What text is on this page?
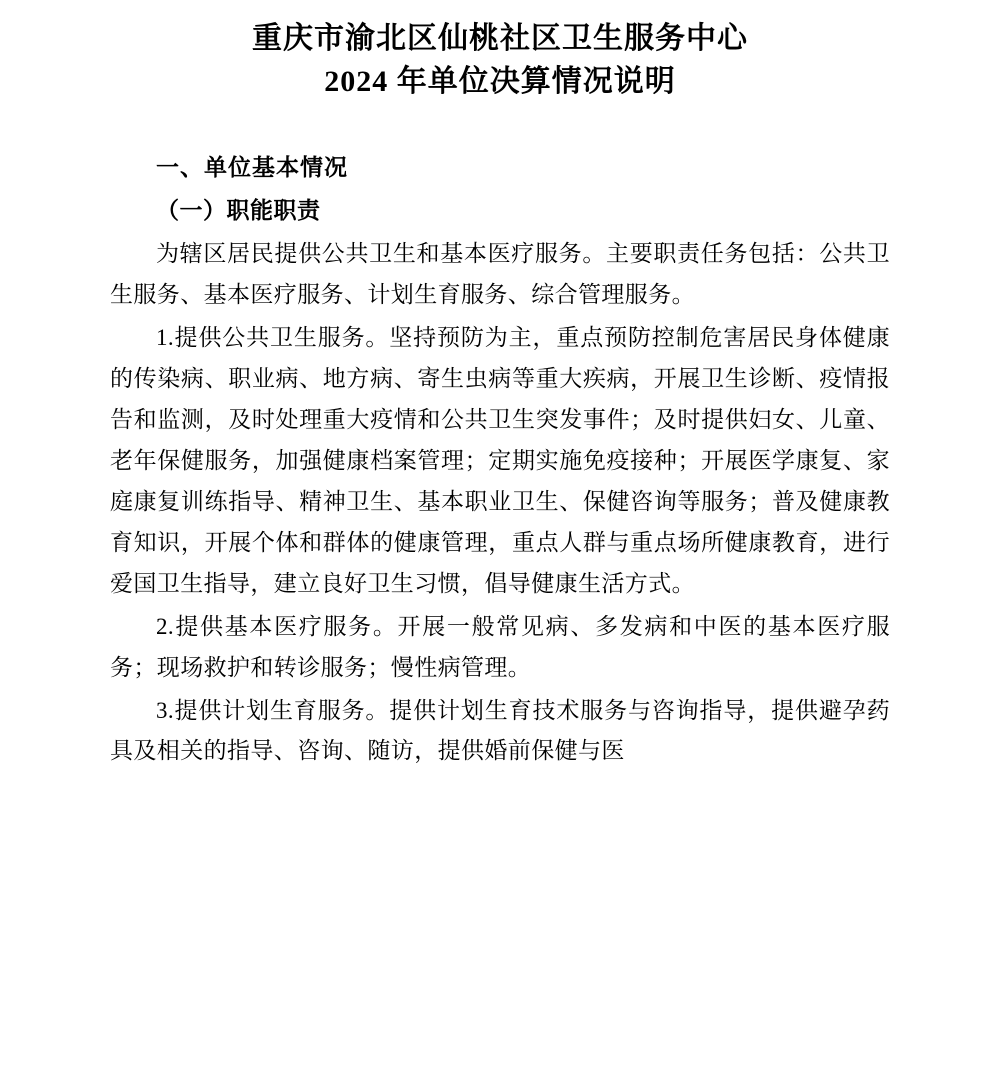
重庆市渝北区仙桃社区卫生服务中心
2024 年单位决算情况说明
一、单位基本情况
（一）职能职责

为辖区居民提供公共卫生和基本医疗服务。主要职责任务包括：公共卫生服务、基本医疗服务、计划生育服务、综合管理服务。

1.提供公共卫生服务。坚持预防为主，重点预防控制危害居民身体健康的传染病、职业病、地方病、寄生虫病等重大疾病，开展卫生诊断、疫情报告和监测，及时处理重大疫情和公共卫生突发事件；及时提供妇女、儿童、老年保健服务，加强健康档案管理；定期实施免疫接种；开展医学康复、家庭康复训练指导、精神卫生、基本职业卫生、保健咨询等服务；普及健康教育知识，开展个体和群体的健康管理，重点人群与重点场所健康教育，进行爱国卫生指导，建立良好卫生习惯，倡导健康生活方式。

2.提供基本医疗服务。开展一般常见病、多发病和中医的基本医疗服务；现场救护和转诊服务；慢性病管理。

3.提供计划生育服务。提供计划生育技术服务与咨询指导，提供避孕药具及相关的指导、咨询、随访，提供婚前保健与医
